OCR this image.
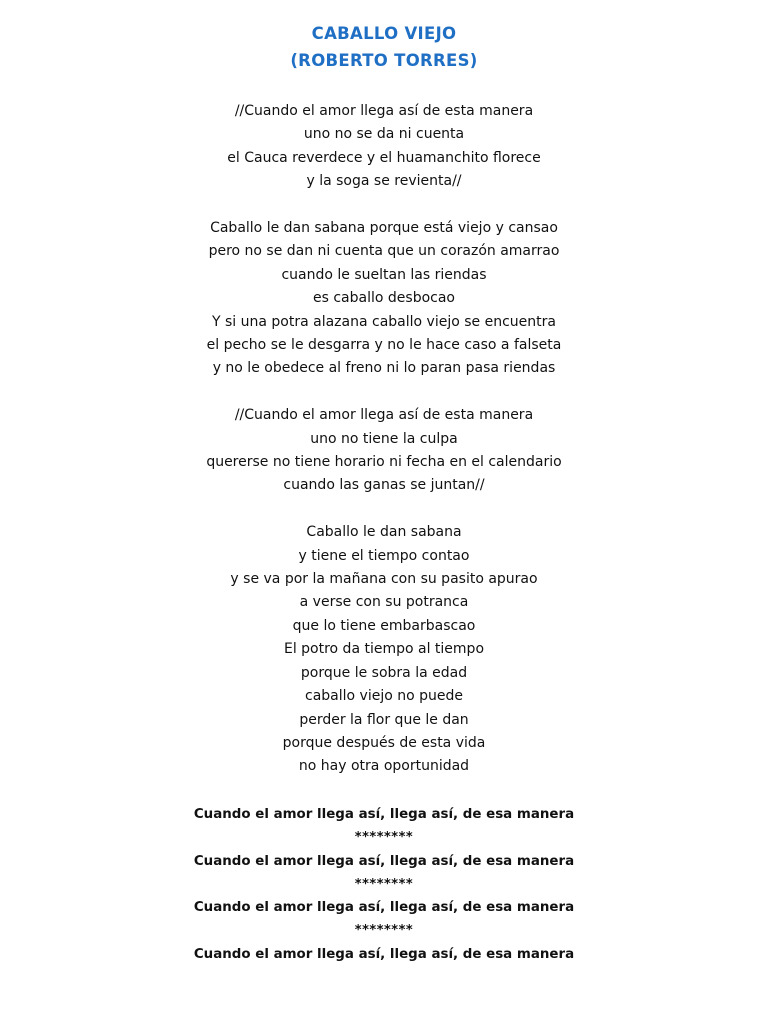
CABALLO VIEJO
(ROBERTO TORRES)
//Cuando el amor llega así de esta manera
uno no se da ni cuenta
el Cauca reverdece y el huamanchito florece
y la soga se revienta//
Caballo le dan sabana porque está viejo y cansao
pero no se dan ni cuenta que un corazón amarrao
cuando le sueltan las riendas
es caballo desbocao
Y si una potra alazana caballo viejo se encuentra
el pecho se le desgarra y no le hace caso a falseta
y no le obedece al freno ni lo paran pasa riendas
//Cuando el amor llega así de esta manera
uno no tiene la culpa
quererse no tiene horario ni fecha en el calendario
cuando las ganas se juntan//
Caballo le dan sabana
y tiene el tiempo contao
y se va por la mañana con su pasito apurao
a verse con su potranca
que lo tiene embarbascao
El potro da tiempo al tiempo
porque le sobra la edad
caballo viejo no puede
perder la flor que le dan
porque después de esta vida
no hay otra oportunidad
Cuando el amor llega así, llega así, de esa manera
********
Cuando el amor llega así, llega así, de esa manera
********
Cuando el amor llega así, llega así, de esa manera
********
Cuando el amor llega así, llega así, de esa manera
